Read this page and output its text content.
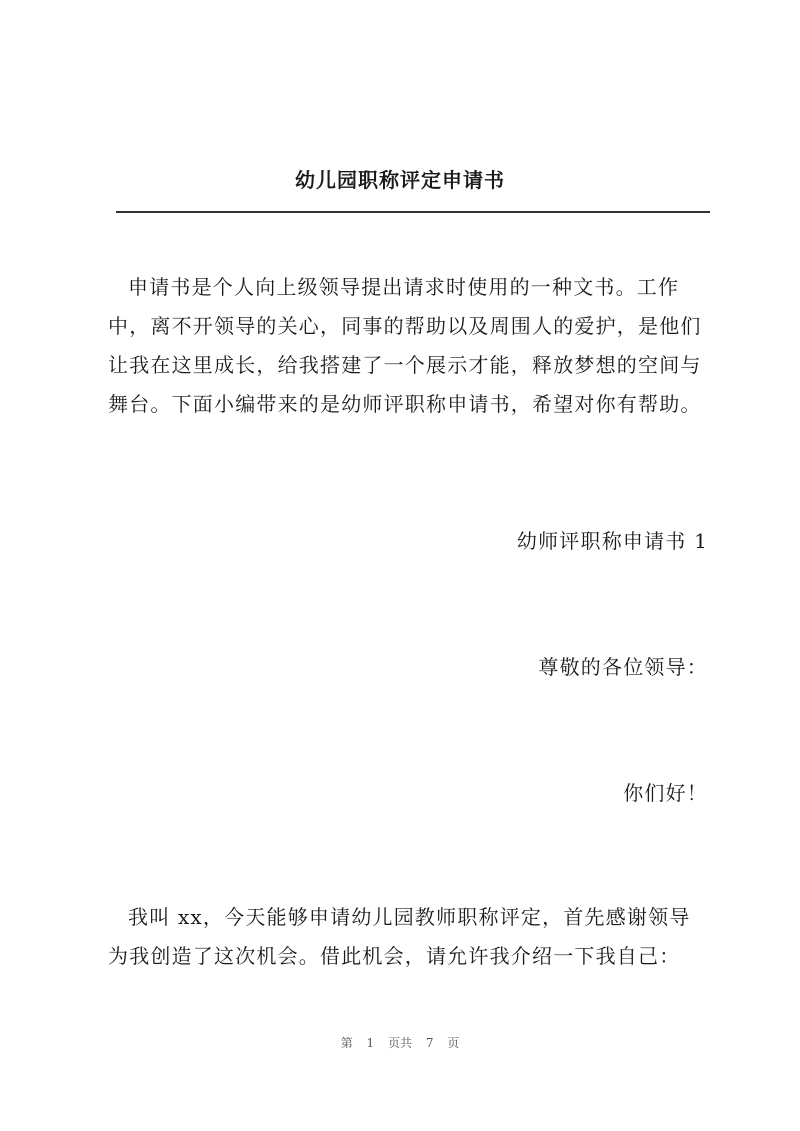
幼儿园职称评定申请书
申请书是个人向上级领导提出请求时使用的一种文书。工作
中，离不开领导的关心，同事的帮助以及周围人的爱护，是他们
让我在这里成长，给我搭建了一个展示才能，释放梦想的空间与
舞台。下面小编带来的是幼师评职称申请书，希望对你有帮助。
幼师评职称申请书 1
尊敬的各位领导：
你们好！
我叫 xx，今天能够申请幼儿园教师职称评定，首先感谢领导
为我创造了这次机会。借此机会，请允许我介绍一下我自己：
第 1 页共 7 页
